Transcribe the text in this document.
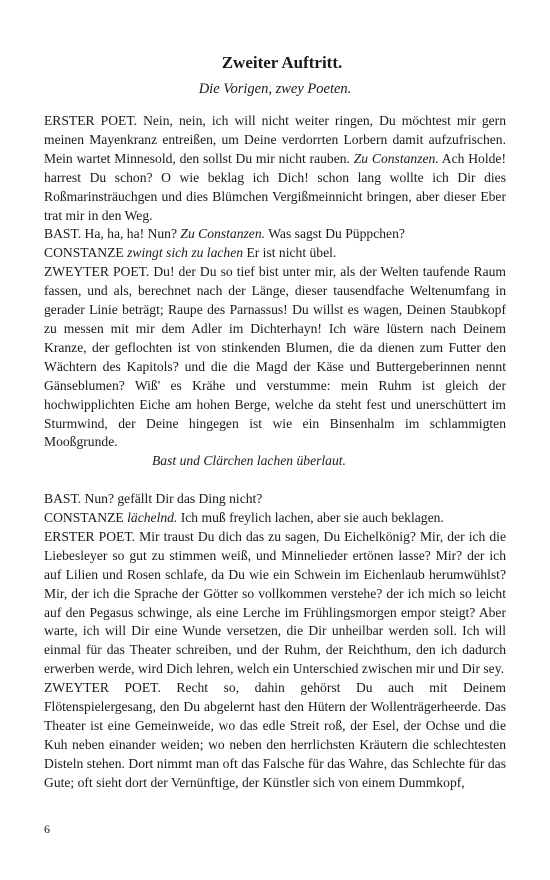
Zweiter Auftritt.
Die Vorigen, zwey Poeten.
ERSTER POET. Nein, nein, ich will nicht weiter ringen, Du möchtest mir gern meinen Mayenkranz entreißen, um Deine verdorrten Lorbern damit aufzufrischen. Mein wartet Minnesold, den sollst Du mir nicht rauben. Zu Constanzen. Ach Holde! harrest Du schon? O wie beklag ich Dich! schon lang wollte ich Dir dies Roßmarinsträuchgen und dies Blümchen Vergißmeinnicht bringen, aber dieser Eber trat mir in den Weg.
BAST. Ha, ha, ha! Nun? Zu Constanzen. Was sagst Du Püppchen?
CONSTANZE zwingt sich zu lachen Er ist nicht übel.
ZWEYTER POET. Du! der Du so tief bist unter mir, als der Welten taufende Raum fassen, und als, berechnet nach der Länge, dieser tausendfache Weltenumfang in gerader Linie beträgt; Raupe des Parnassus! Du willst es wagen, Deinen Staubkopf zu messen mit mir dem Adler im Dichterhayn! Ich wäre lüstern nach Deinem Kranze, der geflochten ist von stinkenden Blumen, die da dienen zum Futter den Wächtern des Kapitols? und die die Magd der Käse und Buttergeberinnen nennt Gänseblumen? Wiß' es Krähe und verstumme: mein Ruhm ist gleich der hochwipplichten Eiche am hohen Berge, welche da steht fest und unerschüttert im Sturmwind, der Deine hingegen ist wie ein Binsenhalm im schlammigten Mooßgrunde.
Bast und Clärchen lachen überlaut.
BAST. Nun? gefällt Dir das Ding nicht?
CONSTANZE lächelnd. Ich muß freylich lachen, aber sie auch beklagen.
ERSTER POET. Mir traust Du dich das zu sagen, Du Eichelkönig? Mir, der ich die Liebesleyer so gut zu stimmen weiß, und Minnelieder ertönen lasse? Mir? der ich auf Lilien und Rosen schlafe, da Du wie ein Schwein im Eichenlaub herumwühlst? Mir, der ich die Sprache der Götter so vollkommen verstehe? der ich mich so leicht auf den Pegasus schwinge, als eine Lerche im Frühlingsmorgen empor steigt? Aber warte, ich will Dir eine Wunde versetzen, die Dir unheilbar werden soll. Ich will einmal für das Theater schreiben, und der Ruhm, der Reichthum, den ich dadurch erwerben werde, wird Dich lehren, welch ein Unterschied zwischen mir und Dir sey.
ZWEYTER POET. Recht so, dahin gehörst Du auch mit Deinem Flötenspielergesang, den Du abgelernt hast den Hütern der Wollenträgerheerde. Das Theater ist eine Gemeinweide, wo das edle Streit roß, der Esel, der Ochse und die Kuh neben einander weiden; wo neben den herrlichsten Kräutern die schlechtesten Disteln stehen. Dort nimmt man oft das Falsche für das Wahre, das Schlechte für das Gute; oft sieht dort der Vernünftige, der Künstler sich von einem Dummkopf,
6
